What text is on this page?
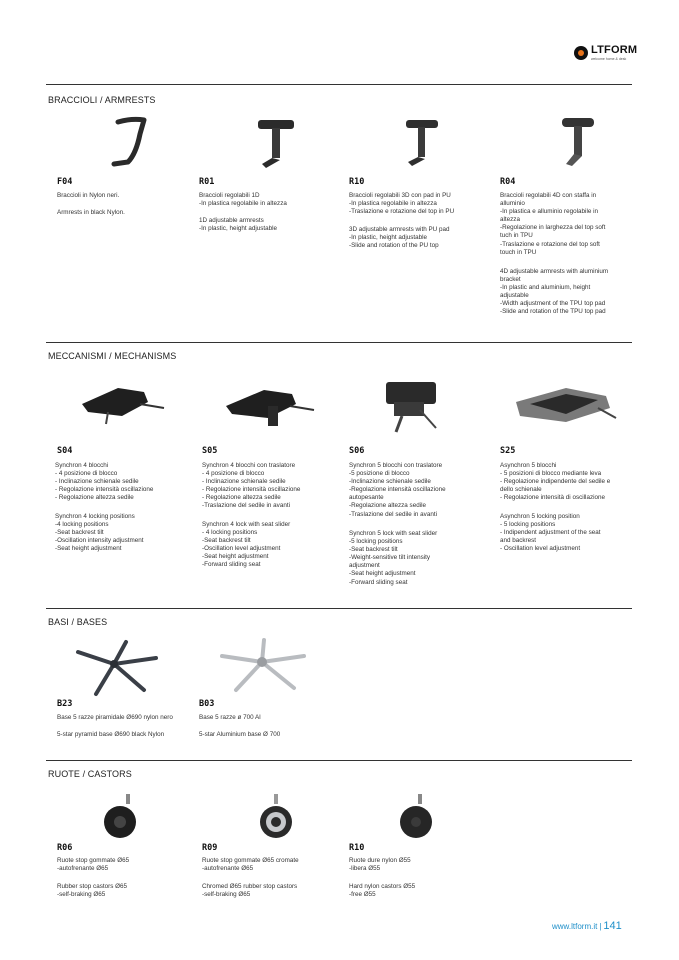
LTFORM
welcome home & desk
BRACCIOLI / ARMRESTS
F04
Braccioli in Nylon neri.
Armrests in black Nylon.
R01
Braccioli regolabili 1D
-In plastica regolabile in altezza
1D adjustable armrests
-In plastic, height adjustable
R10
Braccioli regolabili 3D con pad in PU
-In plastica regolabile in altezza
-Traslazione e rotazione del top in PU
3D adjustable armrests with PU pad
-In plastic, height adjustable
-Slide and rotation of the PU top
R04
Braccioli regolabili 4D con staffa in
alluminio
-In plastica e alluminio regolabile in
altezza
-Regolazione in larghezza del top soft
tuch in TPU
-Traslazione e rotazione del top soft
touch in TPU
4D adjustable armrests with aluminium
bracket
-In plastic and aluminium, height
adjustable
-Width adjustment of the TPU top pad
-Slide and rotation of the TPU top pad
MECCANISMI / MECHANISMS
S04
Synchron 4 blocchi
- 4 posizione di blocco
- Inclinazione schienale sedile
- Regolazione intensità oscillazione
- Regolazione altezza sedile
Synchron 4 locking positions
-4 locking positions
-Seat backrest tilt
-Oscillation intensity adjustment
-Seat height adjustment
S05
Synchron 4 blocchi con traslatore
- 4 posizione di blocco
- Inclinazione schienale sedile
- Regolazione intensità oscillazione
- Regolazione altezza sedile
-Traslazione del sedile in avanti
Synchron 4 lock with seat slider
- 4 locking positions
-Seat backrest tilt
-Oscillation level adjustment
-Seat height adjustment
-Forward sliding seat
S06
Synchron 5 blocchi con traslatore
-5 posizione di blocco
-Inclinazione schienale sedile
-Regolazione intensità oscillazione
autopesante
-Regolazione altezza sedile
-Traslazione del sedile in avanti
Synchron 5 lock with seat slider
-5 locking positions
-Seat backrest tilt
-Weight-sensitive tilt intensity
adjustment
-Seat height adjustment
-Forward sliding seat
S25
Asynchron 5 blocchi
- 5 posizioni di blocco mediante leva
- Regolazione indipendente del sedile e
dello schienale
- Regolazione intensità di oscillazione
Asynchron 5 locking position
- 5 locking positions
- Indipendent adjustment of the seat
and backrest
- Oscillation level adjustment
BASI / BASES
B23
Base 5 razze piramidale Ø690 nylon nero
5-star pyramid base Ø690 black Nylon
B03
Base 5 razze ø 700 Al
5-star Aluminium base Ø 700
RUOTE / CASTORS
R06
Ruote stop gommate Ø65
-autofrenante Ø65
Rubber stop castors Ø65
-self-braking Ø65
R09
Ruote stop gommate Ø65 cromate
-autofrenante Ø65
Chromed Ø65 rubber stop castors
-self-braking Ø65
R10
Ruote dure nylon Ø55
-libera Ø55
Hard nylon castors Ø55
-free Ø55
www.ltform.it | 141
